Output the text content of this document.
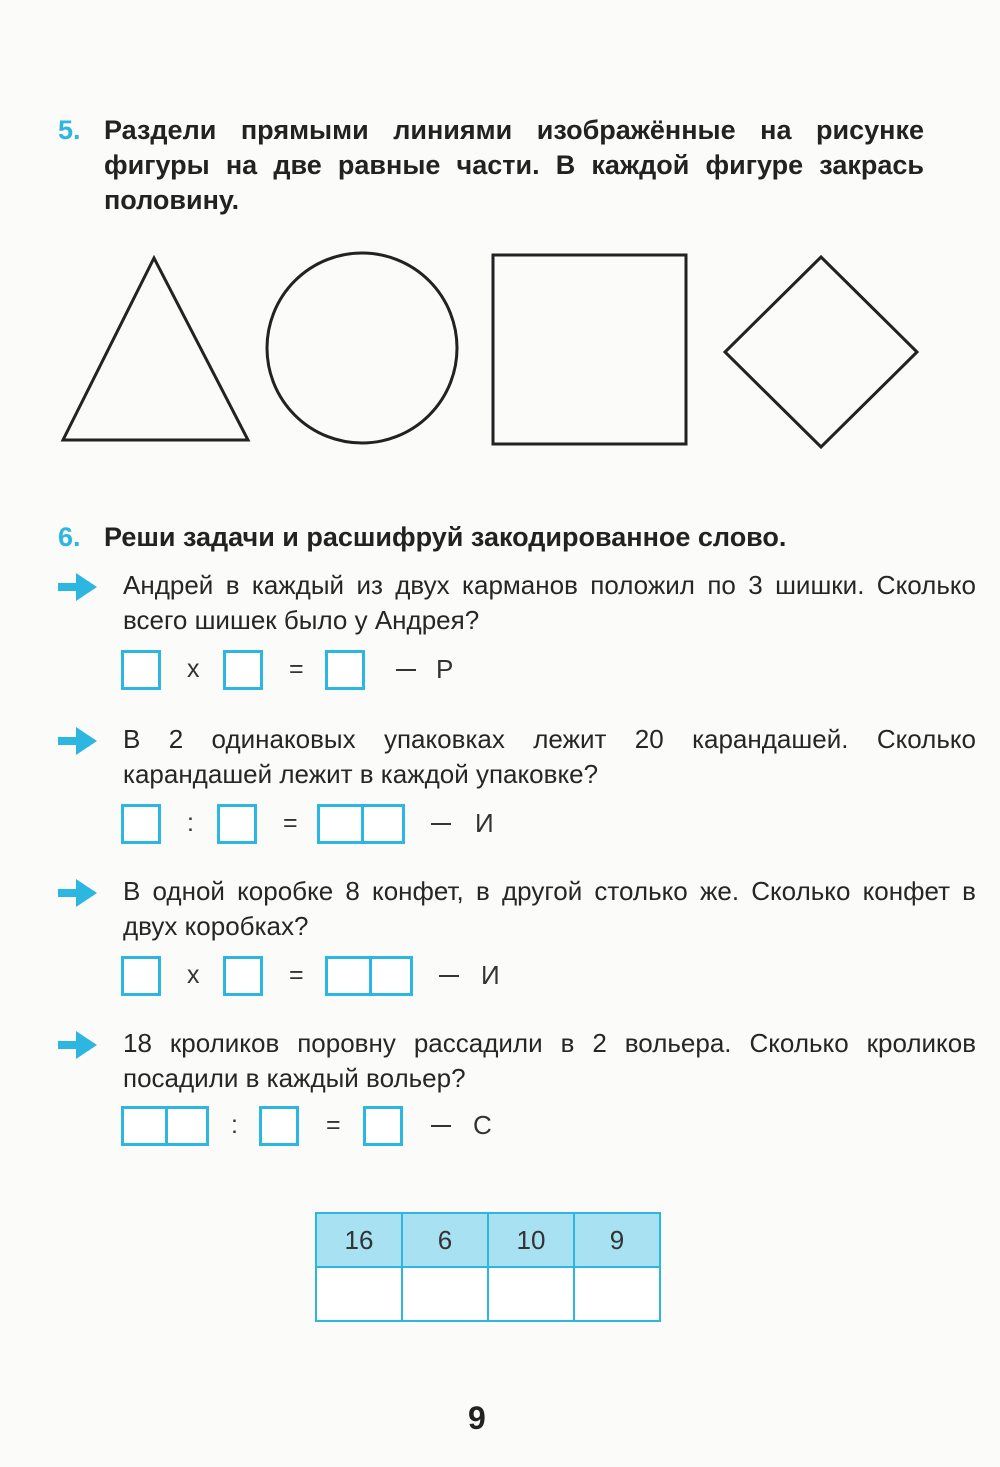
5. Раздели прямыми линиями изображённые на рисунке фигуры на две равные части. В каждой фигуре закрась половину.
6. Реши задачи и расшифруй закодированное слово.
Андрей в каждый из двух карманов положил по 3 шишки. Сколько всего шишек было у Андрея?
x	=	Р
В 2 одинаковых упаковках лежит 20 карандашей. Сколько карандашей лежит в каждой упаковке?
:	=	И
В одной коробке 8 конфет, в другой столько же. Сколько конфет в двух коробках?
x	=	И
18 кроликов поровну рассадили в 2 вольера. Сколько кроликов посадили в каждый вольер?
:	=	С
16	6	10	9

9
